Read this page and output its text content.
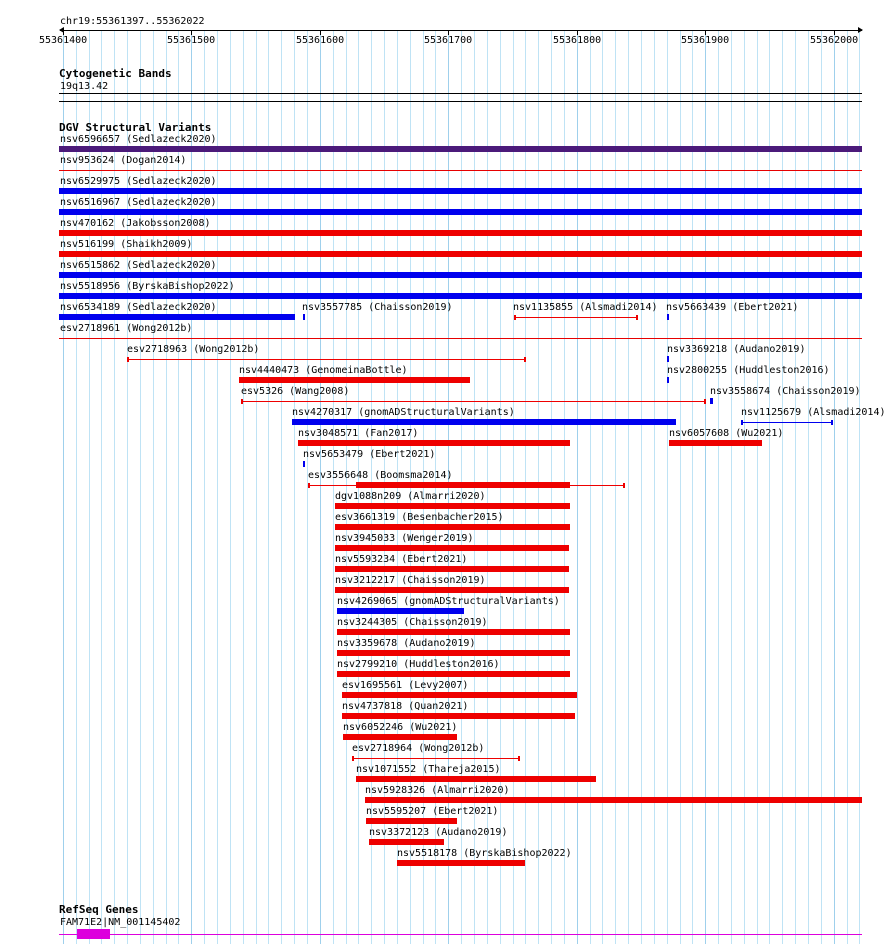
chr19:55361397..55362022
55361400	55361500	55361600	55361700	55361800	55361900	55362000
Cytogenetic Bands
19q13.42
DGV Structural Variants
nsv6596657 (Sedlazeck2020)
nsv953624 (Dogan2014)
nsv6529975 (Sedlazeck2020)
nsv6516967 (Sedlazeck2020)
nsv470162 (Jakobsson2008)
nsv516199 (Shaikh2009)
nsv6515862 (Sedlazeck2020)
nsv5518956 (ByrskaBishop2022)
nsv6534189 (Sedlazeck2020)	nsv3557785 (Chaisson2019)	nsv1135855 (Alsmadi2014) nsv5663439 (Ebert2021)
esv2718961 (Wong2012b)
esv2718963 (Wong2012b)	nsv3369218 (Audano2019)
nsv4440473 (GenomeinaBottle)	nsv2800255 (Huddleston2016)
esv5326 (Wang2008)	nsv3558674 (Chaisson2019)
nsv4270317 (gnomADStructuralVariants)	nsv1125679 (Alsmadi2014)
nsv3048571 (Fan2017)	nsv6057608 (Wu2021)
nsv5653479 (Ebert2021)
esv3556648 (Boomsma2014)
dgv1088n209 (Almarri2020)
esv3661319 (Besenbacher2015)
nsv3945033 (Wenger2019)
nsv5593234 (Ebert2021)
nsv3212217 (Chaisson2019)
nsv4269065 (gnomADStructuralVariants)
nsv3244305 (Chaisson2019)
nsv3359678 (Audano2019)
nsv2799210 (Huddleston2016)
esv1695561 (Levy2007)
nsv4737818 (Quan2021)
nsv6052246 (Wu2021)
esv2718964 (Wong2012b)
nsv1071552 (Thareja2015)
nsv5928326 (Almarri2020)
nsv5595207 (Ebert2021)
nsv3372123 (Audano2019)
nsv5518178 (ByrskaBishop2022)
RefSeq Genes
FAM71E2|NM_001145402
